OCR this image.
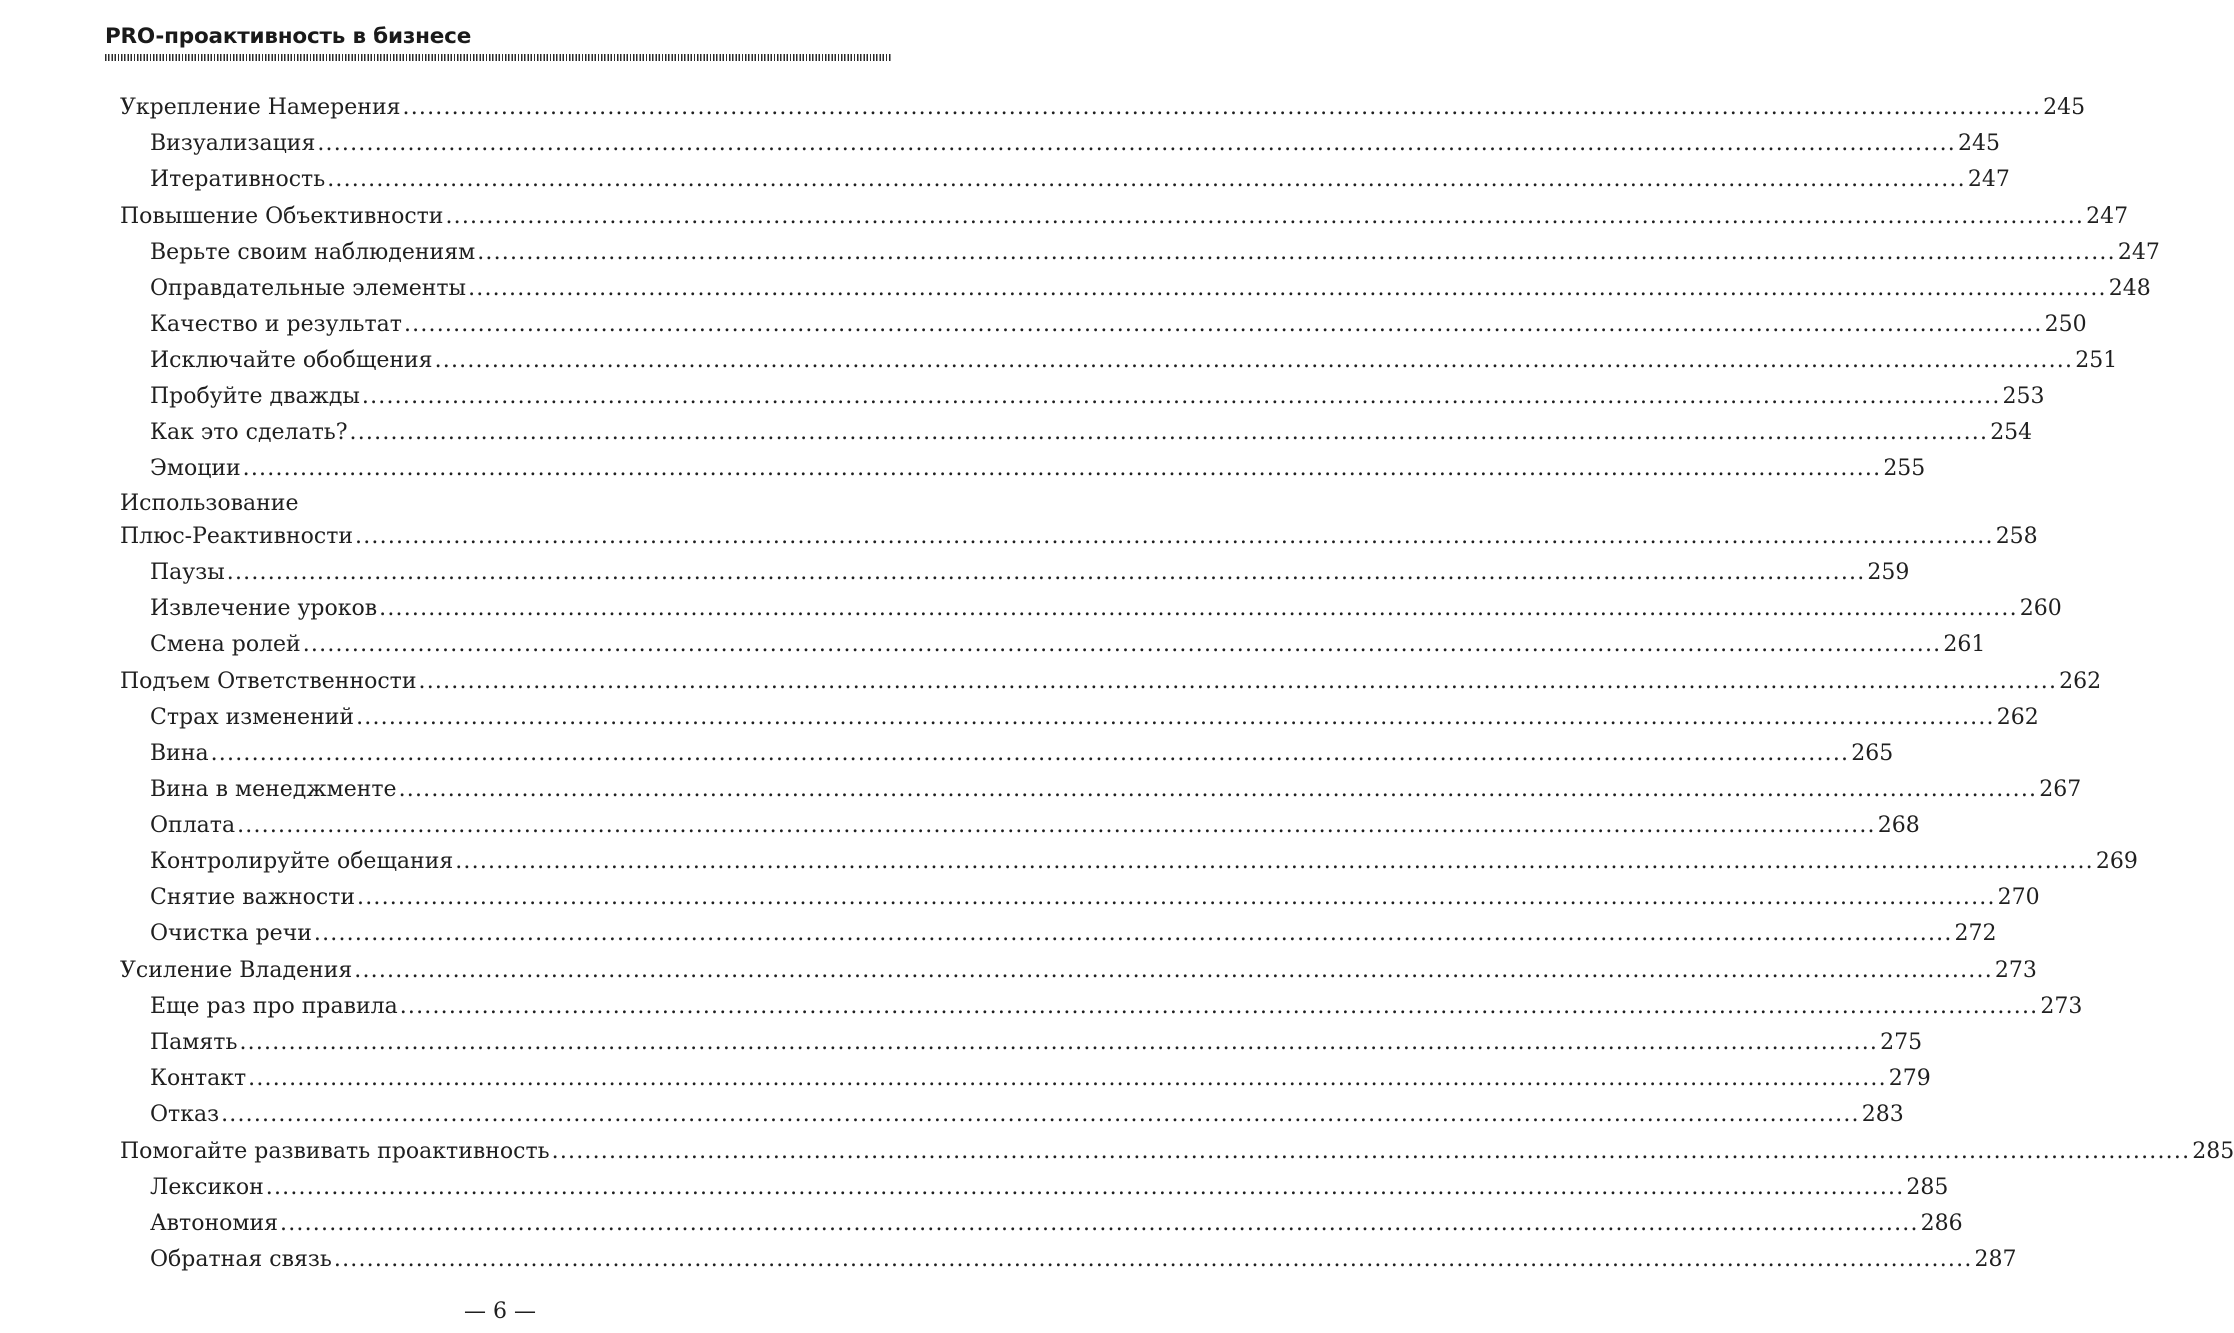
PRO-проактивность в бизнесе
Укрепление Намерения ........................................................................................................................................................................................................ 245
Визуализация ........................................................................................................................................................................................................ 245
Итеративность ........................................................................................................................................................................................................ 247
Повышение Объективности ........................................................................................................................................................................................................ 247
Верьте своим наблюдениям ........................................................................................................................................................................................................ 247
Оправдательные элементы ........................................................................................................................................................................................................ 248
Качество и результат ........................................................................................................................................................................................................ 250
Исключайте обобщения ........................................................................................................................................................................................................ 251
Пробуйте дважды ........................................................................................................................................................................................................ 253
Как это сделать? ........................................................................................................................................................................................................ 254
Эмоции ........................................................................................................................................................................................................ 255
Использование
Плюс-Реактивности ........................................................................................................................................................................................................ 258
Паузы ........................................................................................................................................................................................................ 259
Извлечение уроков ........................................................................................................................................................................................................ 260
Смена ролей ........................................................................................................................................................................................................ 261
Подъем Ответственности ........................................................................................................................................................................................................ 262
Страх изменений ........................................................................................................................................................................................................ 262
Вина ........................................................................................................................................................................................................ 265
Вина в менеджменте ........................................................................................................................................................................................................ 267
Оплата ........................................................................................................................................................................................................ 268
Контролируйте обещания ........................................................................................................................................................................................................ 269
Снятие важности ........................................................................................................................................................................................................ 270
Очистка речи ........................................................................................................................................................................................................ 272
Усиление Владения ........................................................................................................................................................................................................ 273
Еще раз про правила ........................................................................................................................................................................................................ 273
Память ........................................................................................................................................................................................................ 275
Контакт ........................................................................................................................................................................................................ 279
Отказ ........................................................................................................................................................................................................ 283
Помогайте развивать проактивность ........................................................................................................................................................................................................ 285
Лексикон ........................................................................................................................................................................................................ 285
Автономия ........................................................................................................................................................................................................ 286
Обратная связь ........................................................................................................................................................................................................ 287
— 6 —
